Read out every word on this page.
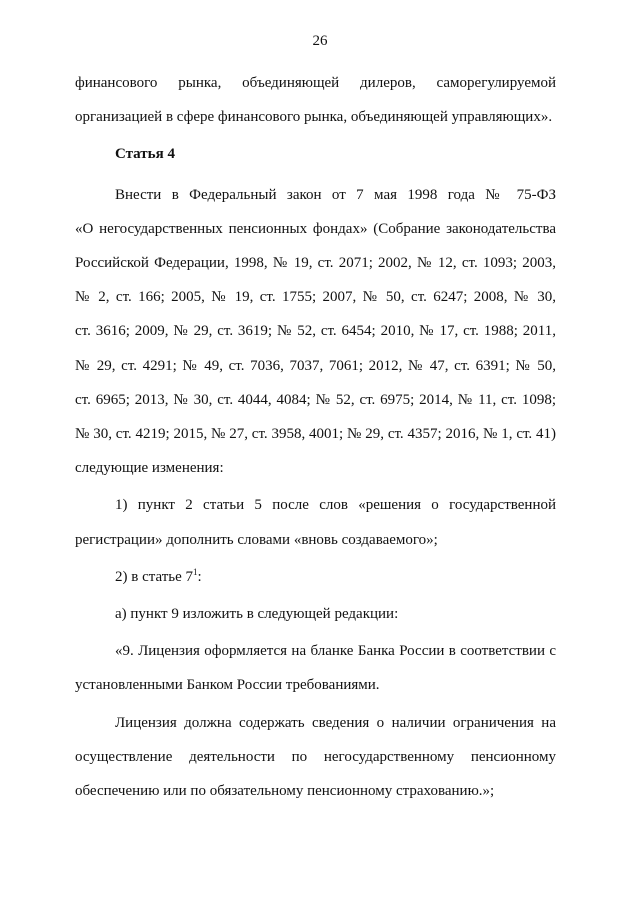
26

финансового рынка, объединяющей дилеров, саморегулируемой

организацией в сфере финансового рынка, объединяющей управляющих».

Статья 4

Внести в Федеральный закон от 7 мая 1998 года № 75-ФЗ

«О негосударственных пенсионных фондах» (Собрание законодательства

Российской Федерации, 1998, № 19, ст. 2071; 2002, № 12, ст. 1093; 2003,

№ 2, ст. 166; 2005, № 19, ст. 1755; 2007, № 50, ст. 6247; 2008, № 30,

ст. 3616; 2009, № 29, ст. 3619; № 52, ст. 6454; 2010, № 17, ст. 1988; 2011,

№ 29, ст. 4291; № 49, ст. 7036, 7037, 7061; 2012, № 47, ст. 6391; № 50,

ст. 6965; 2013, № 30, ст. 4044, 4084; № 52, ст. 6975; 2014, № 11, ст. 1098;

№ 30, ст. 4219; 2015, № 27, ст. 3958, 4001; № 29, ст. 4357; 2016, № 1, ст. 41)

следующие изменения:

1) пункт 2 статьи 5 после слов «решения о государственной

регистрации» дополнить словами «вновь создаваемого»;

2) в статье $7^1$:

а) пункт 9 изложить в следующей редакции:

«9. Лицензия оформляется на бланке Банка России в соответствии с

установленными Банком России требованиями.

Лицензия должна содержать сведения о наличии ограничения на

осуществление деятельности по негосударственному пенсионному

обеспечению или по обязательному пенсионному страхованию.»;
